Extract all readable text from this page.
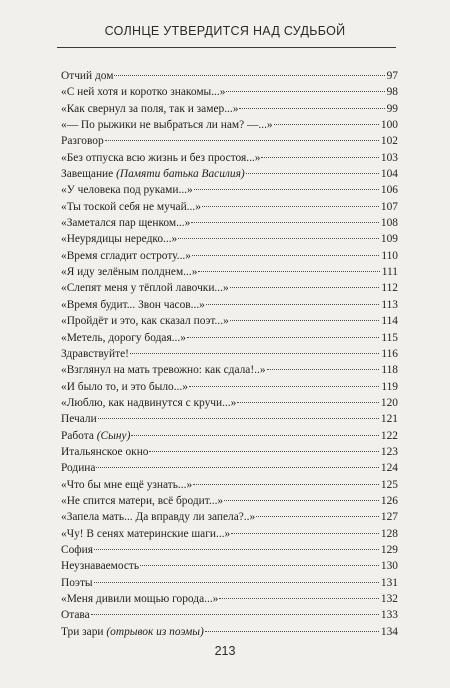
СОЛНЦЕ УТВЕРДИТСЯ НАД СУДЬБОЙ
Отчий дом	97
«С ней хотя и коротко знакомы...»	98
«Как свернул за поля, так и замер...»	99
«— По рыжики не выбраться ли нам? —...»	100
Разговор	102
«Без отпуска всю жизнь и без простоя...»	103
Завещание (Памяти батька Василия)	104
«У человека под руками...»	106
«Ты тоской себя не мучай...»	107
«Заметался пар щенком...»	108
«Неурядицы нередко...»	109
«Время сгладит остроту...»	110
«Я иду зелёным полднем...»	111
«Слепят меня у тёплой лавочки...»	112
«Время будит... Звон часов...»	113
«Пройдёт и это, как сказал поэт...»	114
«Метель, дорогу бодая...»	115
Здравствуйте!	116
«Взглянул на мать тревожно: как сдала!..»	118
«И было то, и это было...»	119
«Люблю, как надвинутся с кручи...»	120
Печали	121
Работа (Сыну)	122
Итальянское окно	123
Родина	124
«Что бы мне ещё узнать...»	125
«Не спится матери, всё бродит...»	126
«Запела мать... Да вправду ли запела?..»	127
«Чу! В сенях материнские шаги...»	128
София	129
Неузнаваемость	130
Поэты	131
«Меня дивили мощью города...»	132
Отава	133
Три зари (отрывок из поэмы)	134
213
